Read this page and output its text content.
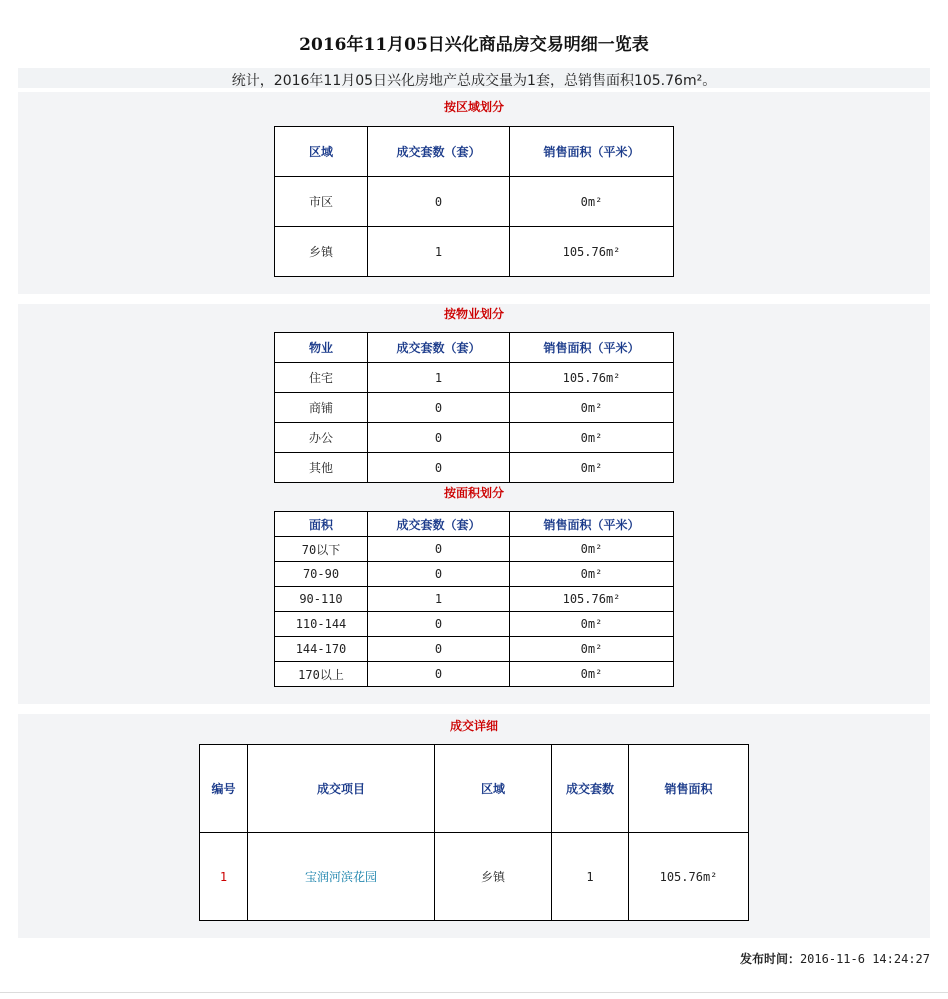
2016年11月05日兴化商品房交易明细一览表
统计，2016年11月05日兴化房地产总成交量为1套，总销售面积105.76m²。
按区域划分
区域	成交套数（套）	销售面积（平米）
市区	0	0m²
乡镇	1	105.76m²
按物业划分
物业	成交套数（套）	销售面积（平米）
住宅	1	105.76m²
商铺	0	0m²
办公	0	0m²
其他	0	0m²
按面积划分
面积	成交套数（套）	销售面积（平米）
70以下	0	0m²
70-90	0	0m²
90-110	1	105.76m²
110-144	0	0m²
144-170	0	0m²
170以上	0	0m²
成交详细
编号	成交项目	区域	成交套数	销售面积
1	宝润河滨花园	乡镇	1	105.76m²
发布时间：2016-11-6 14:24:27
